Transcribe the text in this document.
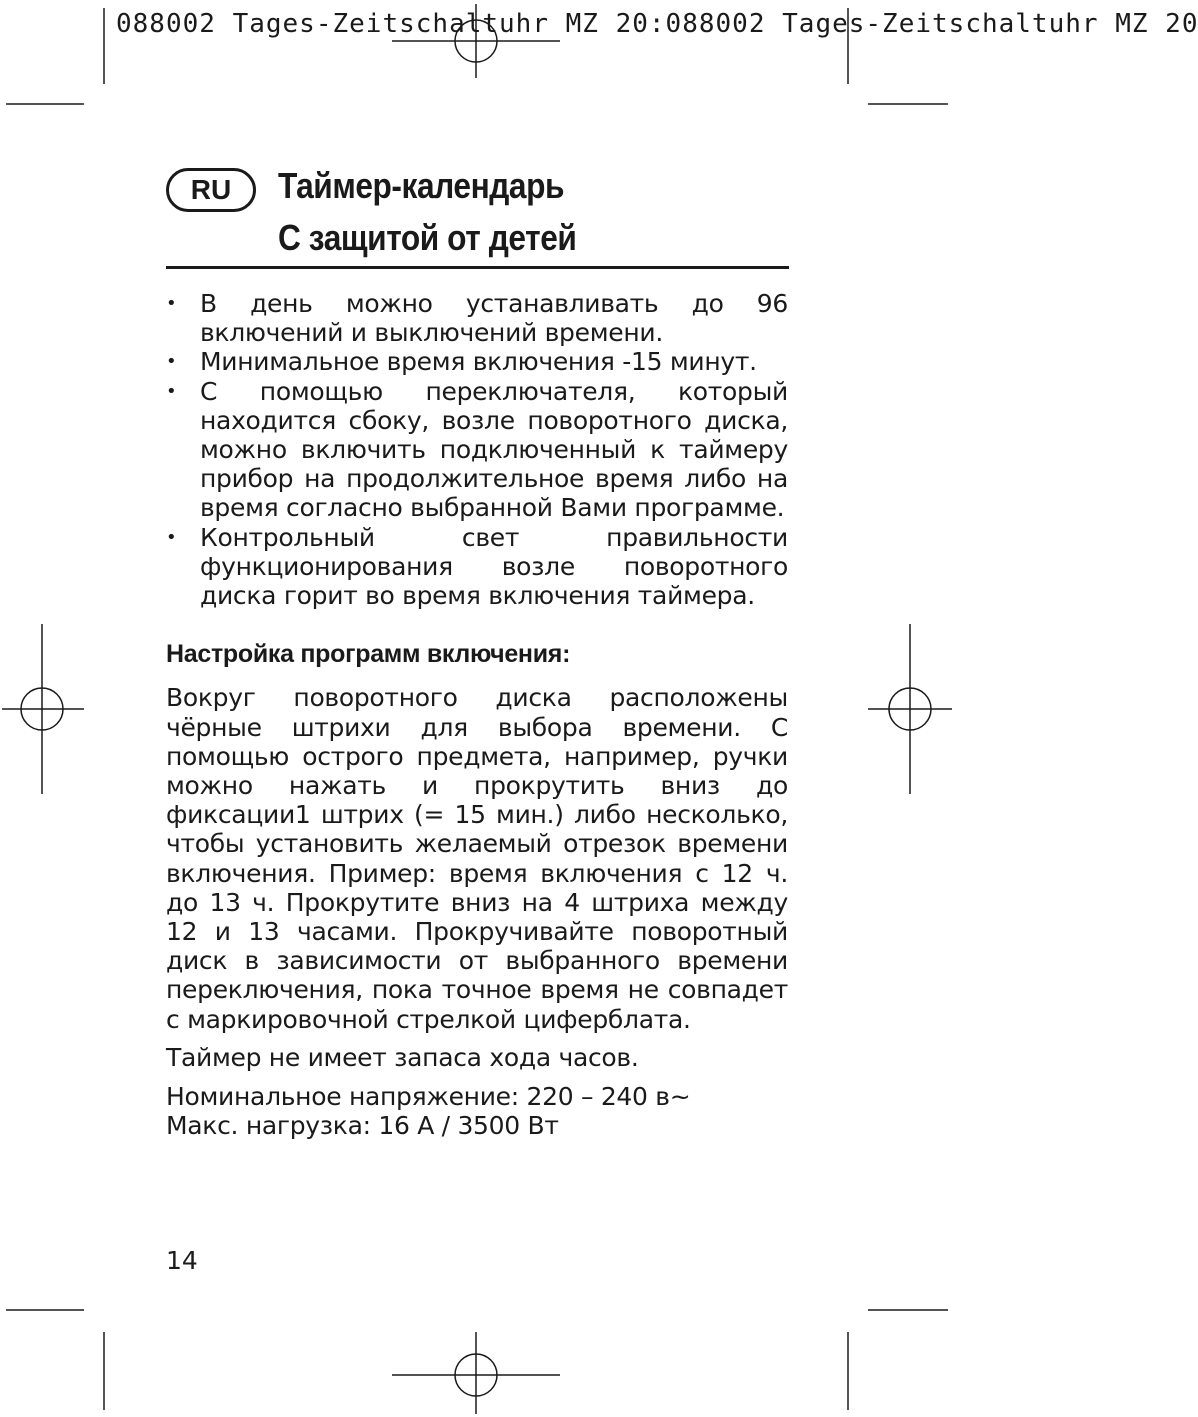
088002 Tages-Zeitschaltuhr MZ 20:088002 Tages-Zeitschaltuhr MZ 20
RU	Таймер-календарь
С защитой от детей
• В день можно устанавливать до 96 включений и выключений времени.
• Минимальное время включения -15 минут.
• С помощью переключателя, который находится сбоку, возле поворотного диска, можно включить подключенный к таймеру прибор на продолжительное время либо на время согласно выбранной Вами программе.
• Контрольный свет правильности функционирования возле поворотного диска горит во время включения таймера.
Настройка программ включения:

Вокруг поворотного диска расположены чёрные штрихи для выбора времени. С помощью острого предмета, например, ручки можно нажать и прокрутить вниз до фиксации1 штрих (= 15 мин.) либо несколько, чтобы установить желаемый отрезок времени включения. Пример: время включения с 12 ч. до 13 ч. Прокрутите вниз на 4 штриха между 12 и 13 часами. Прокручивайте поворотный диск в зависимости от выбранного времени переключения, пока точное время не совпадет с маркировочной стрелкой циферблата.

Таймер не имеет запаса хода часов.

Номинальное напряжение: 220 – 240 в~

Макс. нагрузка: 16 А / 3500 Вт

14
